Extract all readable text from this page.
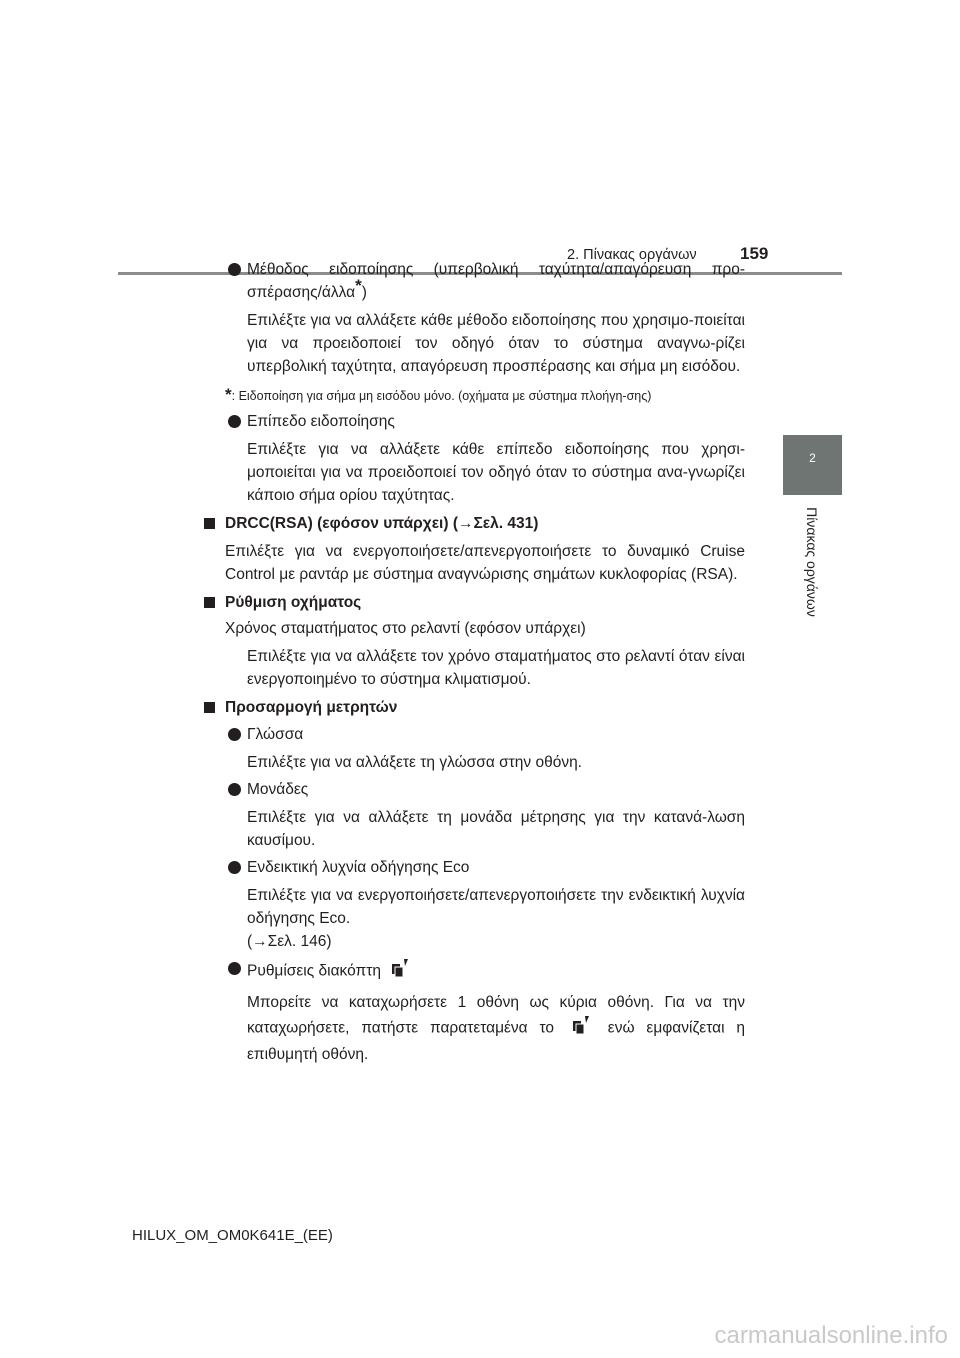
2. Πίνακας οργάνων	159
2
Πίνακας οργάνων
Μέθοδος ειδοποίησης (υπερβολική ταχύτητα/απαγόρευση προ-σπέρασης/άλλα*)
Επιλέξτε για να αλλάξετε κάθε μέθοδο ειδοποίησης που χρησιμο-ποιείται για να προειδοποιεί τον οδηγό όταν το σύστημα αναγνω-ρίζει υπερβολική ταχύτητα, απαγόρευση προσπέρασης και σήμα μη εισόδου.
*: Ειδοποίηση για σήμα μη εισόδου μόνο. (οχήματα με σύστημα πλοήγη-σης)
Επίπεδο ειδοποίησης
Επιλέξτε για να αλλάξετε κάθε επίπεδο ειδοποίησης που χρησι-μοποιείται για να προειδοποιεί τον οδηγό όταν το σύστημα ανα-γνωρίζει κάποιο σήμα ορίου ταχύτητας.
DRCC(RSA) (εφόσον υπάρχει) (→Σελ. 431)
Επιλέξτε για να ενεργοποιήσετε/απενεργοποιήσετε το δυναμικό Cruise Control με ραντάρ με σύστημα αναγνώρισης σημάτων κυκλοφορίας (RSA).
Ρύθμιση οχήματος
Χρόνος σταματήματος στο ρελαντί (εφόσον υπάρχει)
Επιλέξτε για να αλλάξετε τον χρόνο σταματήματος στο ρελαντί όταν είναι ενεργοποιημένο το σύστημα κλιματισμού.
Προσαρμογή μετρητών
Γλώσσα
Επιλέξτε για να αλλάξετε τη γλώσσα στην οθόνη.
Μονάδες
Επιλέξτε για να αλλάξετε τη μονάδα μέτρησης για την κατανά-λωση καυσίμου.
Ενδεικτική λυχνία οδήγησης Eco
Επιλέξτε για να ενεργοποιήσετε/απενεργοποιήσετε την ενδεικτική λυχνία οδήγησης Eco.
(→Σελ. 146)
Ρυθμίσεις διακόπτη
Μπορείτε να καταχωρήσετε 1 οθόνη ως κύρια οθόνη. Για να την καταχωρήσετε, πατήστε παρατεταμένα το	ενώ εμφανίζεται η επιθυμητή οθόνη.
HILUX_OM_OM0K641E_(EE)
carmanualsonline.info
